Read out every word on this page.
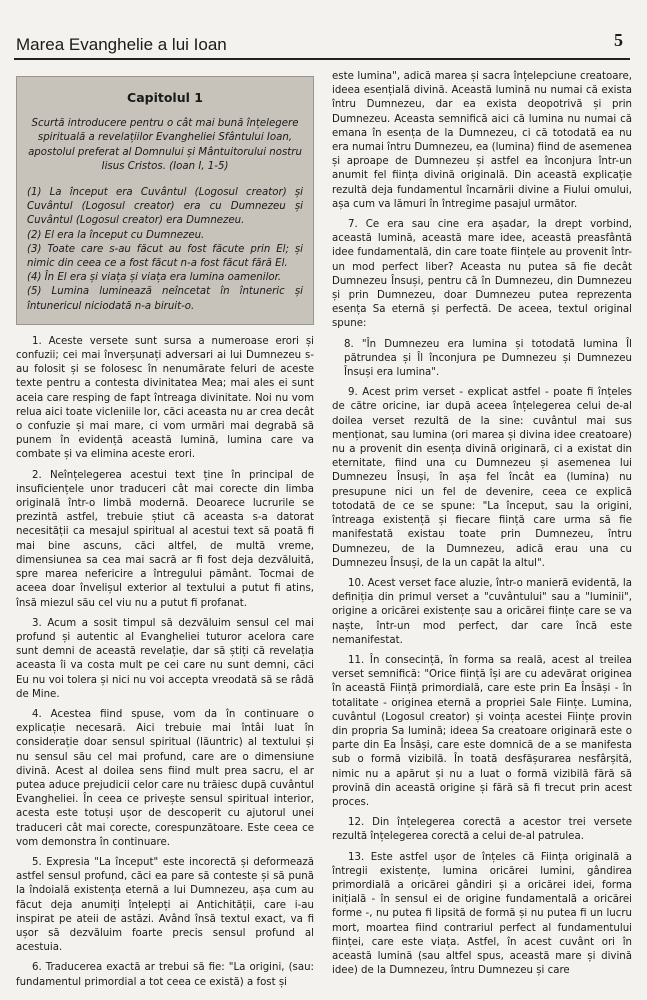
Marea Evanghelie a lui Ioan	5
Capitolul 1

Scurtă introducere pentru o cât mai bună înțelegere spirituală a revelațiilor Evangheliei Sfântului Ioan, apostolul preferat al Domnului și Mântuitorului nostru Iisus Cristos. (Ioan I, 1-5)

(1) La început era Cuvântul (Logosul creator) și Cuvântul (Logosul creator) era cu Dumnezeu și Cuvântul (Logosul creator) era Dumnezeu.

(2) El era la început cu Dumnezeu.

(3) Toate care s-au făcut au fost făcute prin El; și nimic din ceea ce a fost făcut n-a fost făcut fără El.

(4) În El era și viața și viața era lumina oamenilor.

(5) Lumina luminează neîncetat în întuneric și întunericul niciodată n-a biruit-o.

1. Aceste versete sunt sursa a numeroase erori și confuzii; cei mai înverșunați adversari ai lui Dumnezeu s-au folosit și se folosesc în nenumărate feluri de aceste texte pentru a contesta divinitatea Mea; mai ales ei sunt aceia care resping de fapt întreaga divinitate. Noi nu vom relua aici toate vicleniile lor, căci aceasta nu ar crea decât o confuzie și mai mare, ci vom urmări mai degrabă să punem în evidență această lumină, lumina care va combate și va elimina aceste erori.

2. Neînțelegerea acestui text ține în principal de insuficiențele unor traduceri cât mai corecte din limba originală într-o limbă modernă. Deoarece lucrurile se prezintă astfel, trebuie știut că aceasta s-a datorat necesității ca mesajul spiritual al acestui text să poată fi mai bine ascuns, căci altfel, de multă vreme, dimensiunea sa cea mai sacră ar fi fost deja dezvăluită, spre marea nefericire a întregului pământ. Tocmai de aceea doar învelișul exterior al textului a putut fi atins, însă miezul său cel viu nu a putut fi profanat.

3. Acum a sosit timpul să dezvăluim sensul cel mai profund și autentic al Evangheliei tuturor acelora care sunt demni de această revelație, dar să știți că revelația aceasta îi va costa mult pe cei care nu sunt demni, căci Eu nu voi tolera și nici nu voi accepta vreodată să se râdă de Mine.

4. Acestea fiind spuse, vom da în continuare o explicație necesară. Aici trebuie mai întâi luat în considerație doar sensul spiritual (lăuntric) al textului și nu sensul său cel mai profund, care are o dimensiune divină. Acest al doilea sens fiind mult prea sacru, el ar putea aduce prejudicii celor care nu trăiesc după cuvântul Evangheliei. În ceea ce privește sensul spiritual interior, acesta este totuși ușor de descoperit cu ajutorul unei traduceri cât mai corecte, corespunzătoare. Este ceea ce vom demonstra în continuare.

5. Expresia "La început" este incorectă și deformează astfel sensul profund, căci ea pare să conteste și să pună la îndoială existența eternă a lui Dumnezeu, așa cum au făcut deja anumiți înțelepți ai Antichității, care i-au inspirat pe ateii de astăzi. Având însă textul exact, va fi ușor să dezvăluim foarte precis sensul profund al acestuia.

6. Traducerea exactă ar trebui să fie: "La origini, (sau: fundamentul primordial a tot ceea ce există) a fost și

este lumina", adică marea și sacra înțelepciune creatoare, ideea esențială divină. Această lumină nu numai că exista întru Dumnezeu, dar ea exista deopotrivă și prin Dumnezeu. Aceasta semnifică aici că lumina nu numai că emana în esența de la Dumnezeu, ci că totodată ea nu era numai întru Dumnezeu, ea (lumina) fiind de asemenea și aproape de Dumnezeu și astfel ea înconjura într-un anumit fel ființa divină originală. Din această explicație rezultă deja fundamentul încarnării divine a Fiului omului, așa cum va lămuri în întregime pasajul următor.

7. Ce era sau cine era așadar, la drept vorbind, această lumină, această mare idee, această preasfântă idee fundamentală, din care toate ființele au provenit într-un mod perfect liber? Aceasta nu putea să fie decât Dumnezeu Însuși, pentru că în Dumnezeu, din Dumnezeu și prin Dumnezeu, doar Dumnezeu putea reprezenta esența Sa eternă și perfectă. De aceea, textul original spune:

8. "În Dumnezeu era lumina și totodată lumina Îl pătrundea și Îl înconjura pe Dumnezeu și Dumnezeu Însuși era lumina".

9. Acest prim verset - explicat astfel - poate fi înțeles de către oricine, iar după aceea înțelegerea celui de-al doilea verset rezultă de la sine: cuvântul mai sus menționat, sau lumina (ori marea și divina idee creatoare) nu a provenit din esența divină originară, ci a existat din eternitate, fiind una cu Dumnezeu și asemenea lui Dumnezeu Însuși, în așa fel încât ea (lumina) nu presupune nici un fel de devenire, ceea ce explică totodată de ce se spune: "La început, sau la origini, întreaga existență și fiecare ființă care urma să fie manifestată existau toate prin Dumnezeu, întru Dumnezeu, de la Dumnezeu, adică erau una cu Dumnezeu Însuși, de la un capăt la altul".

10. Acest verset face aluzie, într-o manieră evidentă, la definiția din primul verset a "cuvântului" sau a "luminii", origine a oricărei existențe sau a oricărei ființe care se va naște, într-un mod perfect, dar care încă este nemanifestat.

11. În consecință, în forma sa reală, acest al treilea verset semnifică: "Orice ființă își are cu adevărat originea în această Ființă primordială, care este prin Ea Însăși - în totalitate - originea eternă a propriei Sale Ființe. Lumina, cuvântul (Logosul creator) și voința acestei Ființe provin din propria Sa lumină; ideea Sa creatoare originară este o parte din Ea Însăși, care este domnică de a se manifesta sub o formă vizibilă. În toată desfășurarea nesfârșită, nimic nu a apărut și nu a luat o formă vizibilă fără să provină din această origine și fără să fi trecut prin acest proces.

12. Din înțelegerea corectă a acestor trei versete rezultă înțelegerea corectă a celui de-al patrulea.

13. Este astfel ușor de înțeles că Ființa originală a întregii existențe, lumina oricărei lumini, gândirea primordială a oricărei gândiri și a oricărei idei, forma inițială - în sensul ei de origine fundamentală a oricărei forme -, nu putea fi lipsită de formă și nu putea fi un lucru mort, moartea fiind contrariul perfect al fundamentului ființei, care este viața. Astfel, în acest cuvânt ori în această lumină (sau altfel spus, această mare și divină idee) de la Dumnezeu, întru Dumnezeu și care
